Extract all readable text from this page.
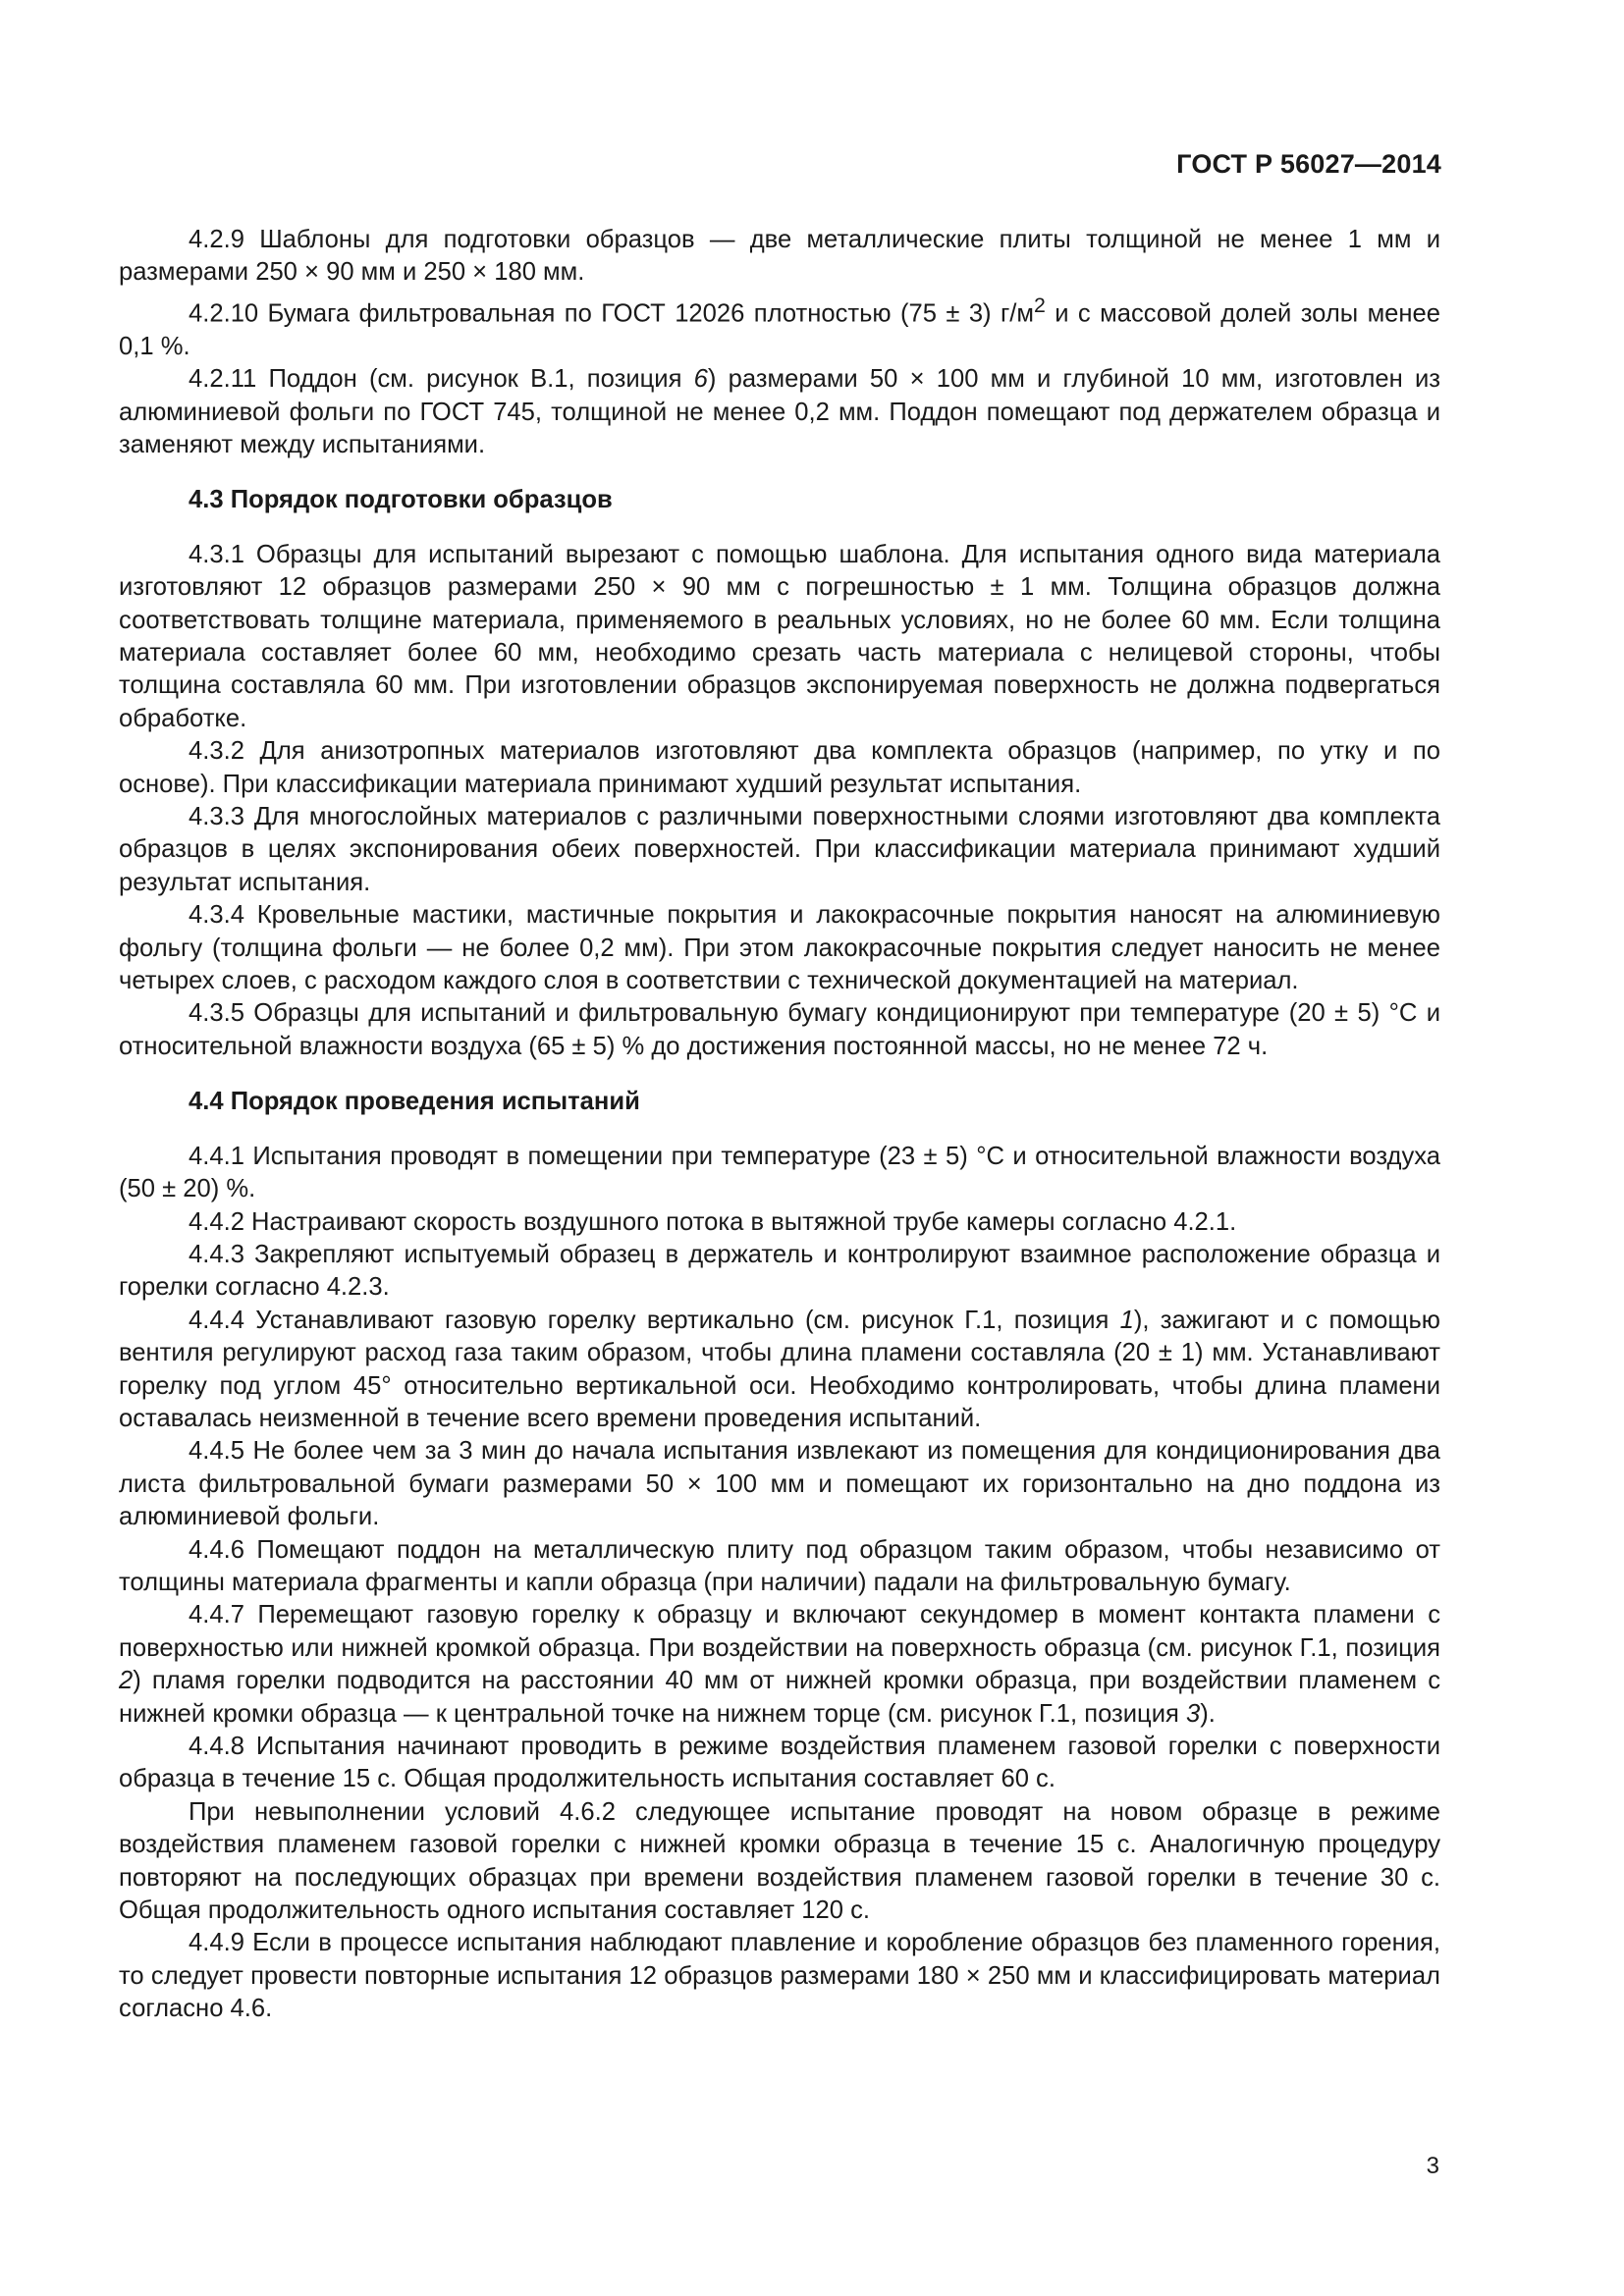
ГОСТ Р 56027—2014

4.2.9 Шаблоны для подготовки образцов — две металлические плиты толщиной не менее 1 мм и размерами 250 × 90 мм и 250 × 180 мм.

4.2.10 Бумага фильтровальная по ГОСТ 12026 плотностью (75 ± 3) $г/м^2$ и с массовой долей золы менее 0,1 %.

4.2.11 Поддон (см. рисунок В.1, позиция 6) размерами 50 × 100 мм и глубиной 10 мм, изготовлен из алюминиевой фольги по ГОСТ 745, толщиной не менее 0,2 мм. Поддон помещают под держателем образца и заменяют между испытаниями.

4.3 Порядок подготовки образцов

4.3.1 Образцы для испытаний вырезают с помощью шаблона. Для испытания одного вида материала изготовляют 12 образцов размерами 250 × 90 мм с погрешностью ± 1 мм. Толщина образцов должна соответствовать толщине материала, применяемого в реальных условиях, но не более 60 мм. Если толщина материала составляет более 60 мм, необходимо срезать часть материала с нелицевой стороны, чтобы толщина составляла 60 мм. При изготовлении образцов экспонируемая поверхность не должна подвергаться обработке.

4.3.2 Для анизотропных материалов изготовляют два комплекта образцов (например, по утку и по основе). При классификации материала принимают худший результат испытания.

4.3.3 Для многослойных материалов с различными поверхностными слоями изготовляют два комплекта образцов в целях экспонирования обеих поверхностей. При классификации материала принимают худший результат испытания.

4.3.4 Кровельные мастики, мастичные покрытия и лакокрасочные покрытия наносят на алюминиевую фольгу (толщина фольги — не более 0,2 мм). При этом лакокрасочные покрытия следует наносить не менее четырех слоев, с расходом каждого слоя в соответствии с технической документацией на материал.

4.3.5 Образцы для испытаний и фильтровальную бумагу кондиционируют при температуре (20 ± 5) °С и относительной влажности воздуха (65 ± 5) % до достижения постоянной массы, но не менее 72 ч.

4.4 Порядок проведения испытаний

4.4.1 Испытания проводят в помещении при температуре (23 ± 5) °С и относительной влажности воздуха (50 ± 20) %.

4.4.2 Настраивают скорость воздушного потока в вытяжной трубе камеры согласно 4.2.1.

4.4.3 Закрепляют испытуемый образец в держатель и контролируют взаимное расположение образца и горелки согласно 4.2.3.

4.4.4 Устанавливают газовую горелку вертикально (см. рисунок Г.1, позиция 1), зажигают и с помощью вентиля регулируют расход газа таким образом, чтобы длина пламени составляла (20 ± 1) мм. Устанавливают горелку под углом 45° относительно вертикальной оси. Необходимо контролировать, чтобы длина пламени оставалась неизменной в течение всего времени проведения испытаний.

4.4.5 Не более чем за 3 мин до начала испытания извлекают из помещения для кондиционирования два листа фильтровальной бумаги размерами 50 × 100 мм и помещают их горизонтально на дно поддона из алюминиевой фольги.

4.4.6 Помещают поддон на металлическую плиту под образцом таким образом, чтобы независимо от толщины материала фрагменты и капли образца (при наличии) падали на фильтровальную бумагу.

4.4.7 Перемещают газовую горелку к образцу и включают секундомер в момент контакта пламени с поверхностью или нижней кромкой образца. При воздействии на поверхность образца (см. рисунок Г.1, позиция 2) пламя горелки подводится на расстоянии 40 мм от нижней кромки образца, при воздействии пламенем с нижней кромки образца — к центральной точке на нижнем торце (см. рисунок Г.1, позиция 3).

4.4.8 Испытания начинают проводить в режиме воздействия пламенем газовой горелки с поверхности образца в течение 15 с. Общая продолжительность испытания составляет 60 с.

При невыполнении условий 4.6.2 следующее испытание проводят на новом образце в режиме воздействия пламенем газовой горелки с нижней кромки образца в течение 15 с. Аналогичную процедуру повторяют на последующих образцах при времени воздействия пламенем газовой горелки в течение 30 с. Общая продолжительность одного испытания составляет 120 с.

4.4.9 Если в процессе испытания наблюдают плавление и коробление образцов без пламенного горения, то следует провести повторные испытания 12 образцов размерами 180 × 250 мм и классифицировать материал согласно 4.6.

3
